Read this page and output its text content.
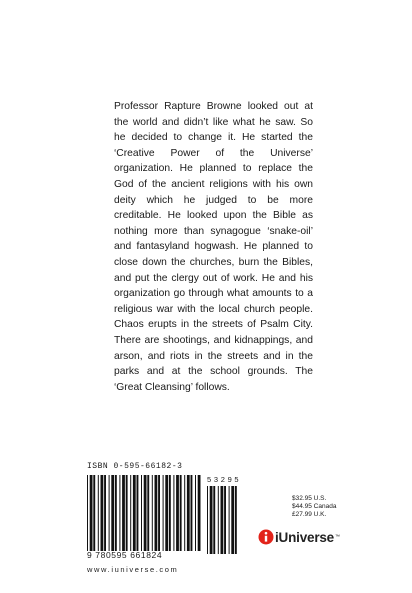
Professor Rapture Browne looked out at the world and didn’t like what he saw. So he decided to change it. He started the ‘Creative Power of the Universe’ organization. He planned to replace the God of the ancient religions with his own deity which he judged to be more creditable. He looked upon the Bible as nothing more than synagogue ‘snake-oil’ and fantasyland hogwash. He planned to close down the churches, burn the Bibles, and put the clergy out of work. He and his organization go through what amounts to a religious war with the local church people. Chaos erupts in the streets of Psalm City. There are shootings, and kidnappings, and arson, and riots in the streets and in the parks and at the school grounds. The ‘Great Cleansing’ follows.

ISBN 0-595-66182-3
9 780595 661824
5 3 2 9 5
$32.95 U.S.
$44.95 Canada
£27.99 U.K.
iUniverse ™
www.iuniverse.com
